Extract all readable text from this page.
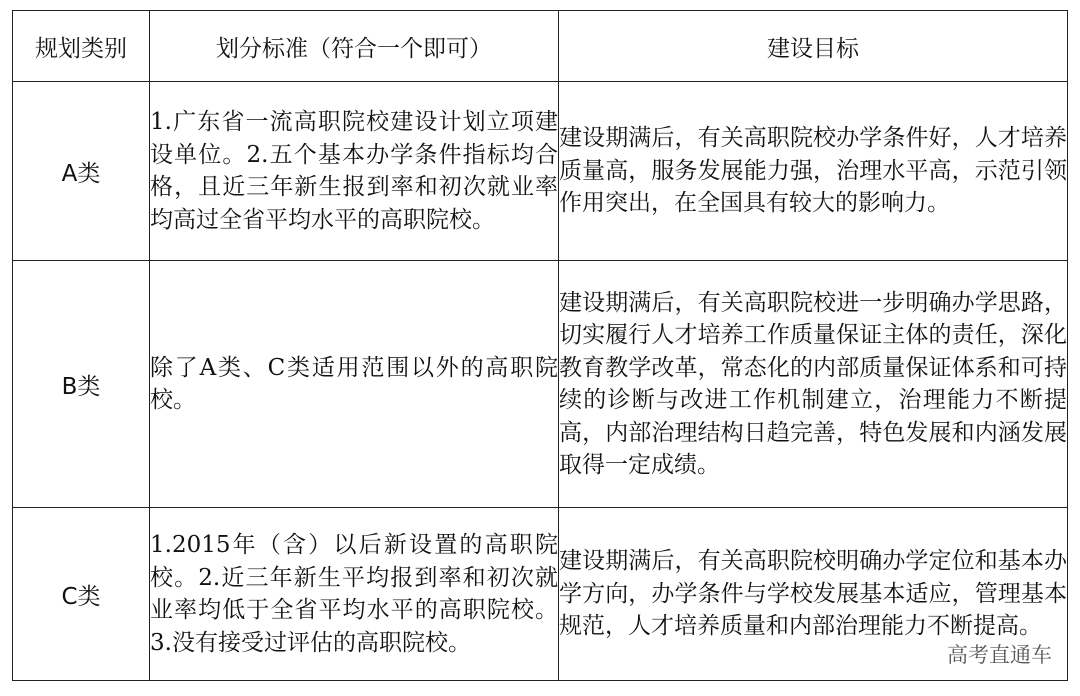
规划类别	划分标准（符合一个即可）	建设目标
A类	1.广东省一流高职院校建设计划立项建设单位。2.五个基本办学条件指标均合格，且近三年新生报到率和初次就业率均高过全省平均水平的高职院校。	建设期满后，有关高职院校办学条件好，人才培养质量高，服务发展能力强，治理水平高，示范引领作用突出，在全国具有较大的影响力。
B类	除了A类、C类适用范围以外的高职院校。	建设期满后，有关高职院校进一步明确办学思路，切实履行人才培养工作质量保证主体的责任，深化教育教学改革，常态化的内部质量保证体系和可持续的诊断与改进工作机制建立，治理能力不断提高，内部治理结构日趋完善，特色发展和内涵发展取得一定成绩。
C类	1.2015年（含）以后新设置的高职院校。2.近三年新生平均报到率和初次就业率均低于全省平均水平的高职院校。3.没有接受过评估的高职院校。	建设期满后，有关高职院校明确办学定位和基本办学方向，办学条件与学校发展基本适应，管理基本规范，人才培养质量和内部治理能力不断提高。
高考直通车
